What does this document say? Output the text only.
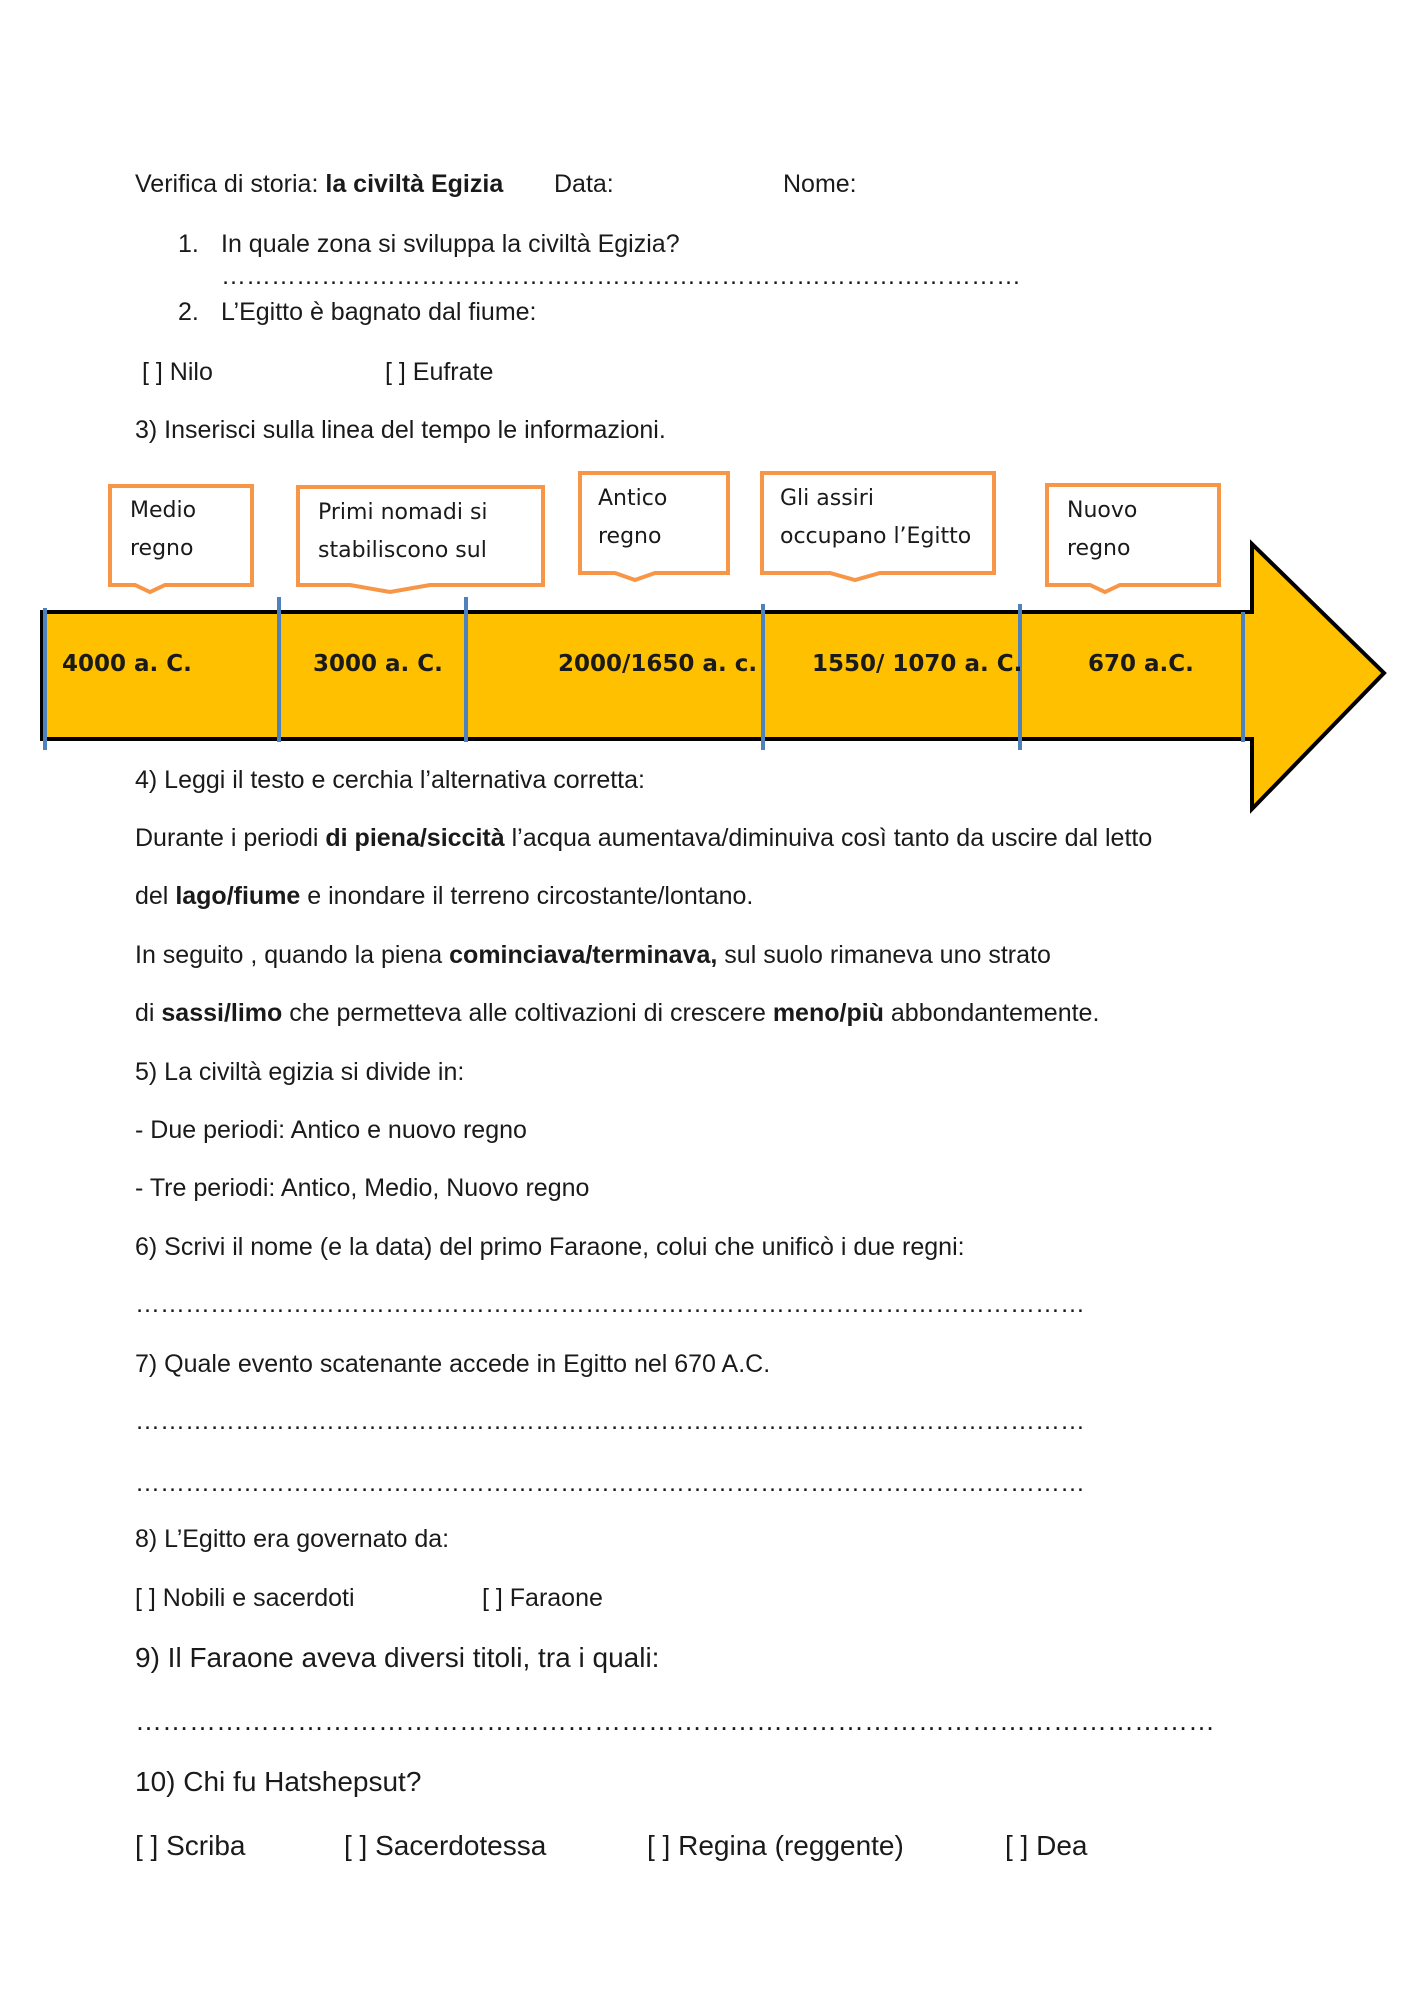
Verifica di storia: la civiltà Egizia Data:	Nome:
1. In quale zona si sviluppa la civiltà Egizia?
……………………………………………………………………………………
2. L’Egitto è bagnato dal fiume:
[ ] Nilo	[ ] Eufrate
3) Inserisci sulla linea del tempo le informazioni.
4000 a. C.	3000 a. C.	2000/1650 a. c. 1550/ 1070 a. C.	670 a.C.
Medio
regno
Primi nomadi si
stabiliscono sul
Antico
regno
Gli assiri
occupano l’Egitto
Nuovo
regno
4) Leggi il testo e cerchia l’alternativa corretta:
Durante i periodi di piena/siccità l’acqua aumentava/diminuiva così tanto da uscire dal letto
del lago/fiume e inondare il terreno circostante/lontano.
In seguito , quando la piena cominciava/terminava, sul suolo rimaneva uno strato
di sassi/limo che permetteva alle coltivazioni di crescere meno/più abbondantemente.
5) La civiltà egizia si divide in:
- Due periodi: Antico e nuovo regno
- Tre periodi: Antico, Medio, Nuovo regno
6) Scrivi il nome (e la data) del primo Faraone, colui che unificò i due regni:
……………………………………………………………………………………………………
7) Quale evento scatenante accede in Egitto nel 670 A.C.
……………………………………………………………………………………………………
……………………………………………………………………………………………………
8) L’Egitto era governato da:
[ ] Nobili e sacerdoti	[ ] Faraone
9) Il Faraone aveva diversi titoli, tra i quali:
…………………………………………………………………………………………………………
10) Chi fu Hatshepsut?
[ ] Scriba	[ ] Sacerdotessa	[ ] Regina (reggente)	[ ] Dea
